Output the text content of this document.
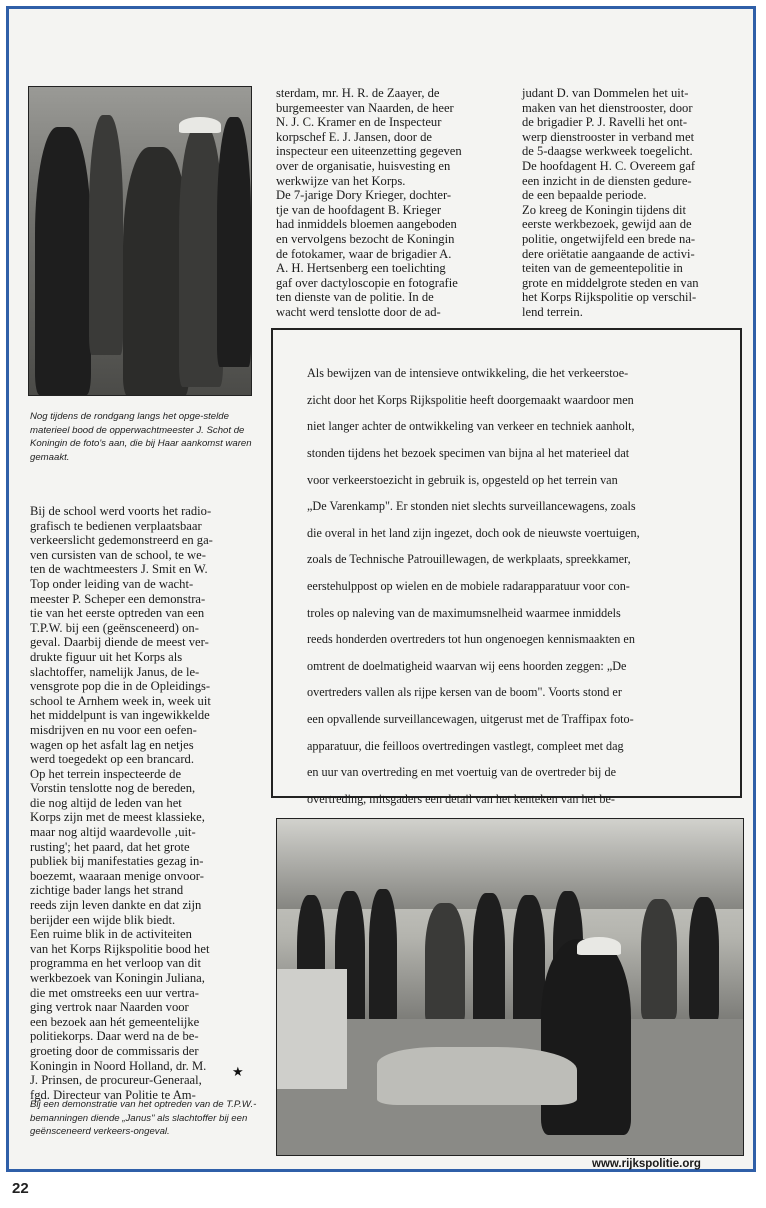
Nog tijdens de rondgang langs het opge-stelde materieel bood de opperwachtmeester J. Schot de Koningin de foto's aan, die bij Haar aankomst waren gemaakt.

Bij de school werd voorts het radio-

grafisch te bedienen verplaatsbaar

verkeerslicht gedemonstreerd en ga-

ven cursisten van de school, te we-

ten de wachtmeesters J. Smit en W.

Top onder leiding van de wacht-

meester P. Scheper een demonstra-

tie van het eerste optreden van een

T.P.W. bij een (geënsceneerd) on-

geval. Daarbij diende de meest ver-

drukte figuur uit het Korps als

slachtoffer, namelijk Janus, de le-

vensgrote pop die in de Opleidings-

school te Arnhem week in, week uit

het middelpunt is van ingewikkelde

misdrijven en nu voor een oefen-

wagen op het asfalt lag en netjes

werd toegedekt op een brancard.

Op het terrein inspecteerde de

Vorstin tenslotte nog de bereden,

die nog altijd de leden van het

Korps zijn met de meest klassieke,

maar nog altijd waardevolle ‚uit-

rusting'; het paard, dat het grote

publiek bij manifestaties gezag in-

boezemt, waaraan menige onvoor-

zichtige bader langs het strand

reeds zijn leven dankte en dat zijn

berijder een wijde blik biedt.

Een ruime blik in de activiteiten

van het Korps Rijkspolitie bood het

programma en het verloop van dit

werkbezoek van Koningin Juliana,

die met omstreeks een uur vertra-

ging vertrok naar Naarden voor

een bezoek aan hét gemeentelijke

politiekorps. Daar werd na de be-

groeting door de commissaris der

Koningin in Noord Holland, dr. M.

J. Prinsen, de procureur-Generaal,

fgd. Directeur van Politie te Am-

sterdam, mr. H. R. de Zaayer, de

burgemeester van Naarden, de heer

N. J. C. Kramer en de Inspecteur

korpschef E. J. Jansen, door de

inspecteur een uiteenzetting gegeven

over de organisatie, huisvesting en

werkwijze van het Korps.

De 7-jarige Dory Krieger, dochter-

tje van de hoofdagent B. Krieger

had inmiddels bloemen aangeboden

en vervolgens bezocht de Koningin

de fotokamer, waar de brigadier A.

A. H. Hertsenberg een toelichting

gaf over dactyloscopie en fotografie

ten dienste van de politie. In de

wacht werd tenslotte door de ad-

judant D. van Dommelen het uit-

maken van het dienstrooster, door

de brigadier P. J. Ravelli het ont-

werp dienstrooster in verband met

de 5-daagse werkweek toegelicht.

De hoofdagent H. C. Overeem gaf

een inzicht in de diensten gedure-

de een bepaalde periode.

Zo kreeg de Koningin tijdens dit

eerste werkbezoek, gewijd aan de

politie, ongetwijfeld een brede na-

dere oriëtatie aangaande de activi-

teiten van de gemeentepolitie in

grote en middelgrote steden en van

het Korps Rijkspolitie op verschil-

lend terrein.

Als bewijzen van de intensieve ontwikkeling, die het verkeerstoe-

zicht door het Korps Rijkspolitie heeft doorgemaakt waardoor men

niet langer achter de ontwikkeling van verkeer en techniek aanholt,

stonden tijdens het bezoek specimen van bijna al het materieel dat

voor verkeerstoezicht in gebruik is, opgesteld op het terrein van

„De Varenkamp". Er stonden niet slechts surveillancewagens, zoals

die overal in het land zijn ingezet, doch ook de nieuwste voertuigen,

zoals de Technische Patrouillewagen, de werkplaats, spreekkamer,

eerstehulppost op wielen en de mobiele radarapparatuur voor con-

troles op naleving van de maximumsnelheid waarmee inmiddels

reeds honderden overtreders tot hun ongenoegen kennismaakten en

omtrent de doelmatigheid waarvan wij eens hoorden zeggen: „De

overtreders vallen als rijpe kersen van de boom". Voorts stond er

een opvallende surveillancewagen, uitgerust met de Traffipax foto-

apparatuur, die feilloos overtredingen vastlegt, compleet met dag

en uur van overtreding en met voertuig van de overtreder bij de

overtreding, mitsgaders een detail van het kenteken van het be-

★
Bij een demonstratie van het optreden van de T.P.W.-bemanningen diende „Janus" als slachtoffer bij een geënsceneerd verkeers-ongeval.
www.rijkspolitie.org
22
